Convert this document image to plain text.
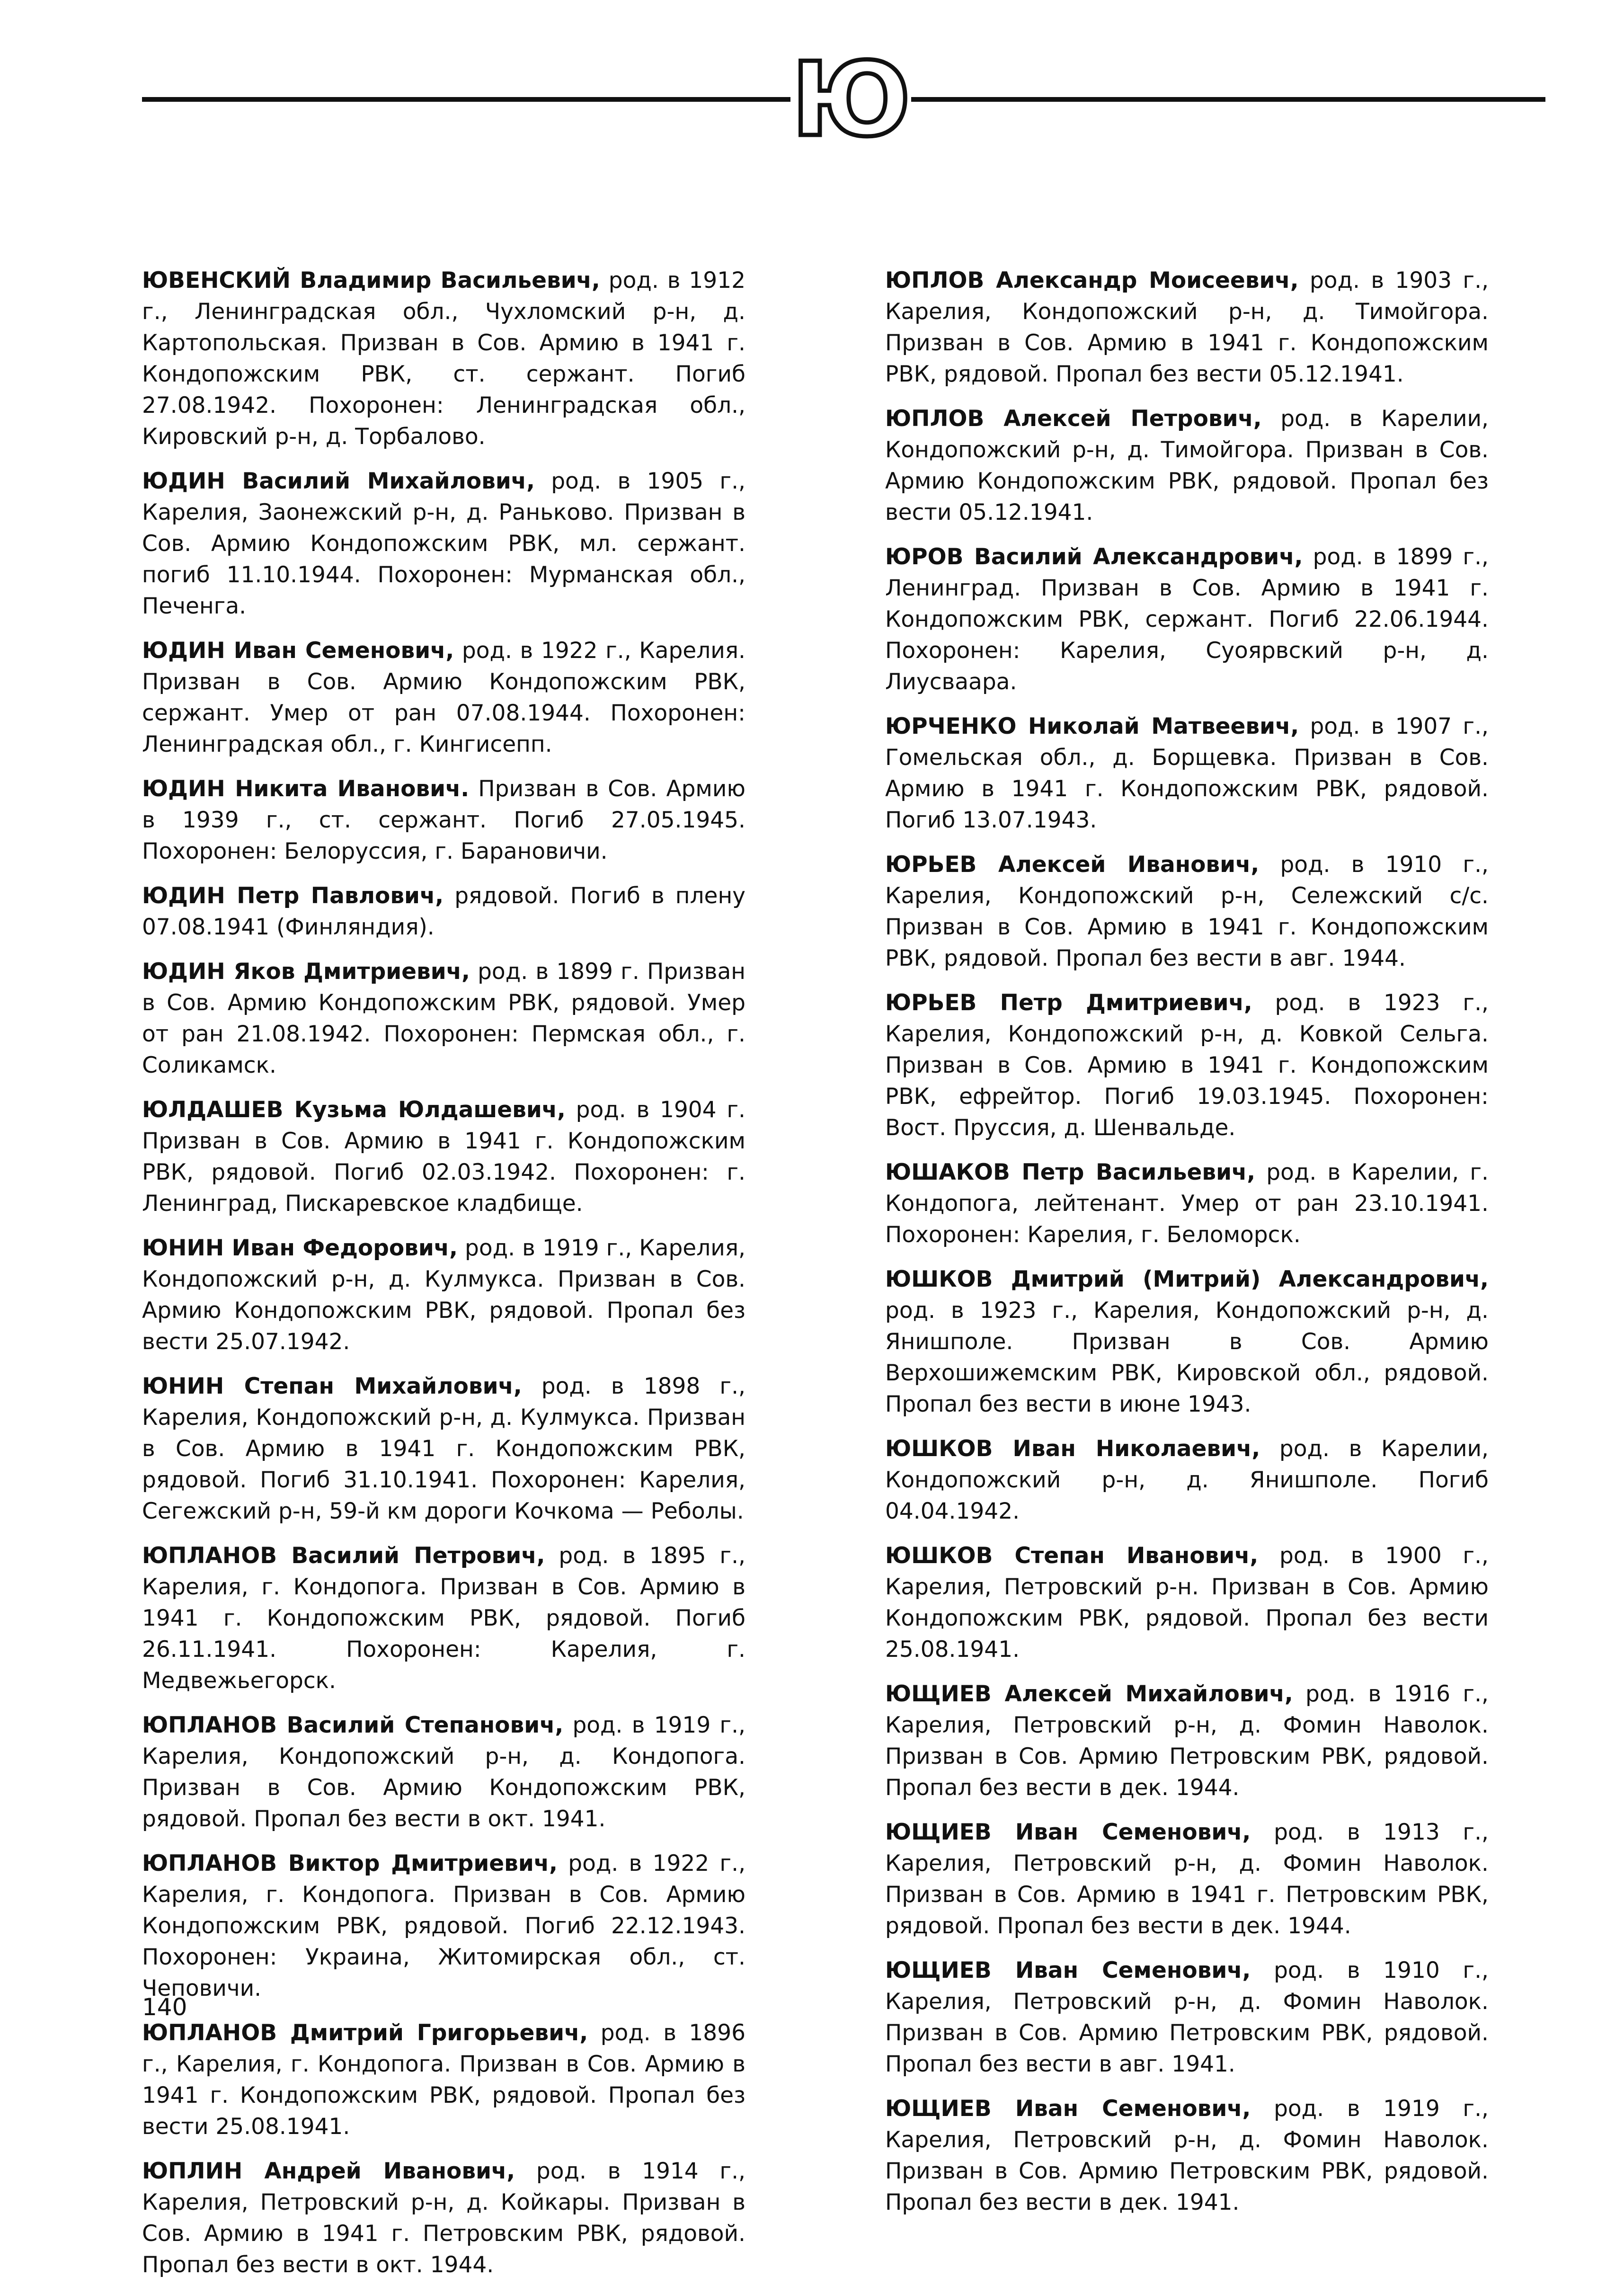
Ю

ЮВЕНСКИЙ Владимир Васильевич, род. в 1912 г., Ленинградская обл., Чухломский р-н, д. Картопольская. Призван в Сов. Армию в 1941 г. Кондопожским РВК, ст. сержант. Погиб 27.08.1942. Похоронен: Ленинградская обл., Кировский р-н, д. Торбалово.

ЮДИН Василий Михайлович, род. в 1905 г., Карелия, Заонежский р-н, д. Раньково. Призван в Сов. Армию Кондопожским РВК, мл. сержант. погиб 11.10.1944. Похоронен: Мурманская обл., Печенга.

ЮДИН Иван Семенович, род. в 1922 г., Карелия. Призван в Сов. Армию Кондопожским РВК, сержант. Умер от ран 07.08.1944. Похоронен: Ленинградская обл., г. Кингисепп.

ЮДИН Никита Иванович. Призван в Сов. Армию в 1939 г., ст. сержант. Погиб 27.05.1945. Похоронен: Белоруссия, г. Барановичи.

ЮДИН Петр Павлович, рядовой. Погиб в плену 07.08.1941 (Финляндия).

ЮДИН Яков Дмитриевич, род. в 1899 г. Призван в Сов. Армию Кондопожским РВК, рядовой. Умер от ран 21.08.1942. Похоронен: Пермская обл., г. Соликамск.

ЮЛДАШЕВ Кузьма Юлдашевич, род. в 1904 г. Призван в Сов. Армию в 1941 г. Кондопожским РВК, рядовой. Погиб 02.03.1942. Похоронен: г. Ленинград, Пискаревское кладбище.

ЮНИН Иван Федорович, род. в 1919 г., Карелия, Кондопожский р-н, д. Кулмукса. Призван в Сов. Армию Кондопожским РВК, рядовой. Пропал без вести 25.07.1942.

ЮНИН Степан Михайлович, род. в 1898 г., Карелия, Кондопожский р-н, д. Кулмукса. Призван в Сов. Армию в 1941 г. Кондопожским РВК, рядовой. Погиб 31.10.1941. Похоронен: Карелия, Сегежский р-н, 59-й км дороги Кочкома — Реболы.

ЮПЛАНОВ Василий Петрович, род. в 1895 г., Карелия, г. Кондопога. Призван в Сов. Армию в 1941 г. Кондопожским РВК, рядовой. Погиб 26.11.1941. Похоронен: Карелия, г. Медвежьегорск.

ЮПЛАНОВ Василий Степанович, род. в 1919 г., Карелия, Кондопожский р-н, д. Кондопога. Призван в Сов. Армию Кондопожским РВК, рядовой. Пропал без вести в окт. 1941.

ЮПЛАНОВ Виктор Дмитриевич, род. в 1922 г., Карелия, г. Кондопога. Призван в Сов. Армию Кондопожским РВК, рядовой. Погиб 22.12.1943. Похоронен: Украина, Житомирская обл., ст. Чеповичи.

ЮПЛАНОВ Дмитрий Григорьевич, род. в 1896 г., Карелия, г. Кондопога. Призван в Сов. Армию в 1941 г. Кондопожским РВК, рядовой. Пропал без вести 25.08.1941.

ЮПЛИН Андрей Иванович, род. в 1914 г., Карелия, Петровский р-н, д. Койкары. Призван в Сов. Армию в 1941 г. Петровским РВК, рядовой. Пропал без вести в окт. 1944.

ЮПЛОВ Александр Моисеевич, род. в 1903 г., Карелия, Кондопожский р-н, д. Тимойгора. Призван в Сов. Армию в 1941 г. Кондопожским РВК, рядовой. Пропал без вести 05.12.1941.

ЮПЛОВ Алексей Петрович, род. в Карелии, Кондопожский р-н, д. Тимойгора. Призван в Сов. Армию Кондопожским РВК, рядовой. Пропал без вести 05.12.1941.

ЮРОВ Василий Александрович, род. в 1899 г., Ленинград. Призван в Сов. Армию в 1941 г. Кондопожским РВК, сержант. Погиб 22.06.1944. Похоронен: Карелия, Суоярвский р-н, д. Лиусваара.

ЮРЧЕНКО Николай Матвеевич, род. в 1907 г., Гомельская обл., д. Борщевка. Призван в Сов. Армию в 1941 г. Кондопожским РВК, рядовой. Погиб 13.07.1943.

ЮРЬЕВ Алексей Иванович, род. в 1910 г., Карелия, Кондопожский р-н, Сележский с/с. Призван в Сов. Армию в 1941 г. Кондопожским РВК, рядовой. Пропал без вести в авг. 1944.

ЮРЬЕВ Петр Дмитриевич, род. в 1923 г., Карелия, Кондопожский р-н, д. Ковкой Сельга. Призван в Сов. Армию в 1941 г. Кондопожским РВК, ефрейтор. Погиб 19.03.1945. Похоронен: Вост. Пруссия, д. Шенвальде.

ЮШАКОВ Петр Васильевич, род. в Карелии, г. Кондопога, лейтенант. Умер от ран 23.10.1941. Похоронен: Карелия, г. Беломорск.

ЮШКОВ Дмитрий (Митрий) Александрович, род. в 1923 г., Карелия, Кондопожский р-н, д. Янишполе. Призван в Сов. Армию Верхошижемским РВК, Кировской обл., рядовой. Пропал без вести в июне 1943.

ЮШКОВ Иван Николаевич, род. в Карелии, Кондопожский р-н, д. Янишполе. Погиб 04.04.1942.

ЮШКОВ Степан Иванович, род. в 1900 г., Карелия, Петровский р-н. Призван в Сов. Армию Кондопожским РВК, рядовой. Пропал без вести 25.08.1941.

ЮЩИЕВ Алексей Михайлович, род. в 1916 г., Карелия, Петровский р-н, д. Фомин Наволок. Призван в Сов. Армию Петровским РВК, рядовой. Пропал без вести в дек. 1944.

ЮЩИЕВ Иван Семенович, род. в 1913 г., Карелия, Петровский р-н, д. Фомин Наволок. Призван в Сов. Армию в 1941 г. Петровским РВК, рядовой. Пропал без вести в дек. 1944.

ЮЩИЕВ Иван Семенович, род. в 1910 г., Карелия, Петровский р-н, д. Фомин Наволок. Призван в Сов. Армию Петровским РВК, рядовой. Пропал без вести в авг. 1941.

ЮЩИЕВ Иван Семенович, род. в 1919 г., Карелия, Петровский р-н, д. Фомин Наволок. Призван в Сов. Армию Петровским РВК, рядовой. Пропал без вести в дек. 1941.

140
